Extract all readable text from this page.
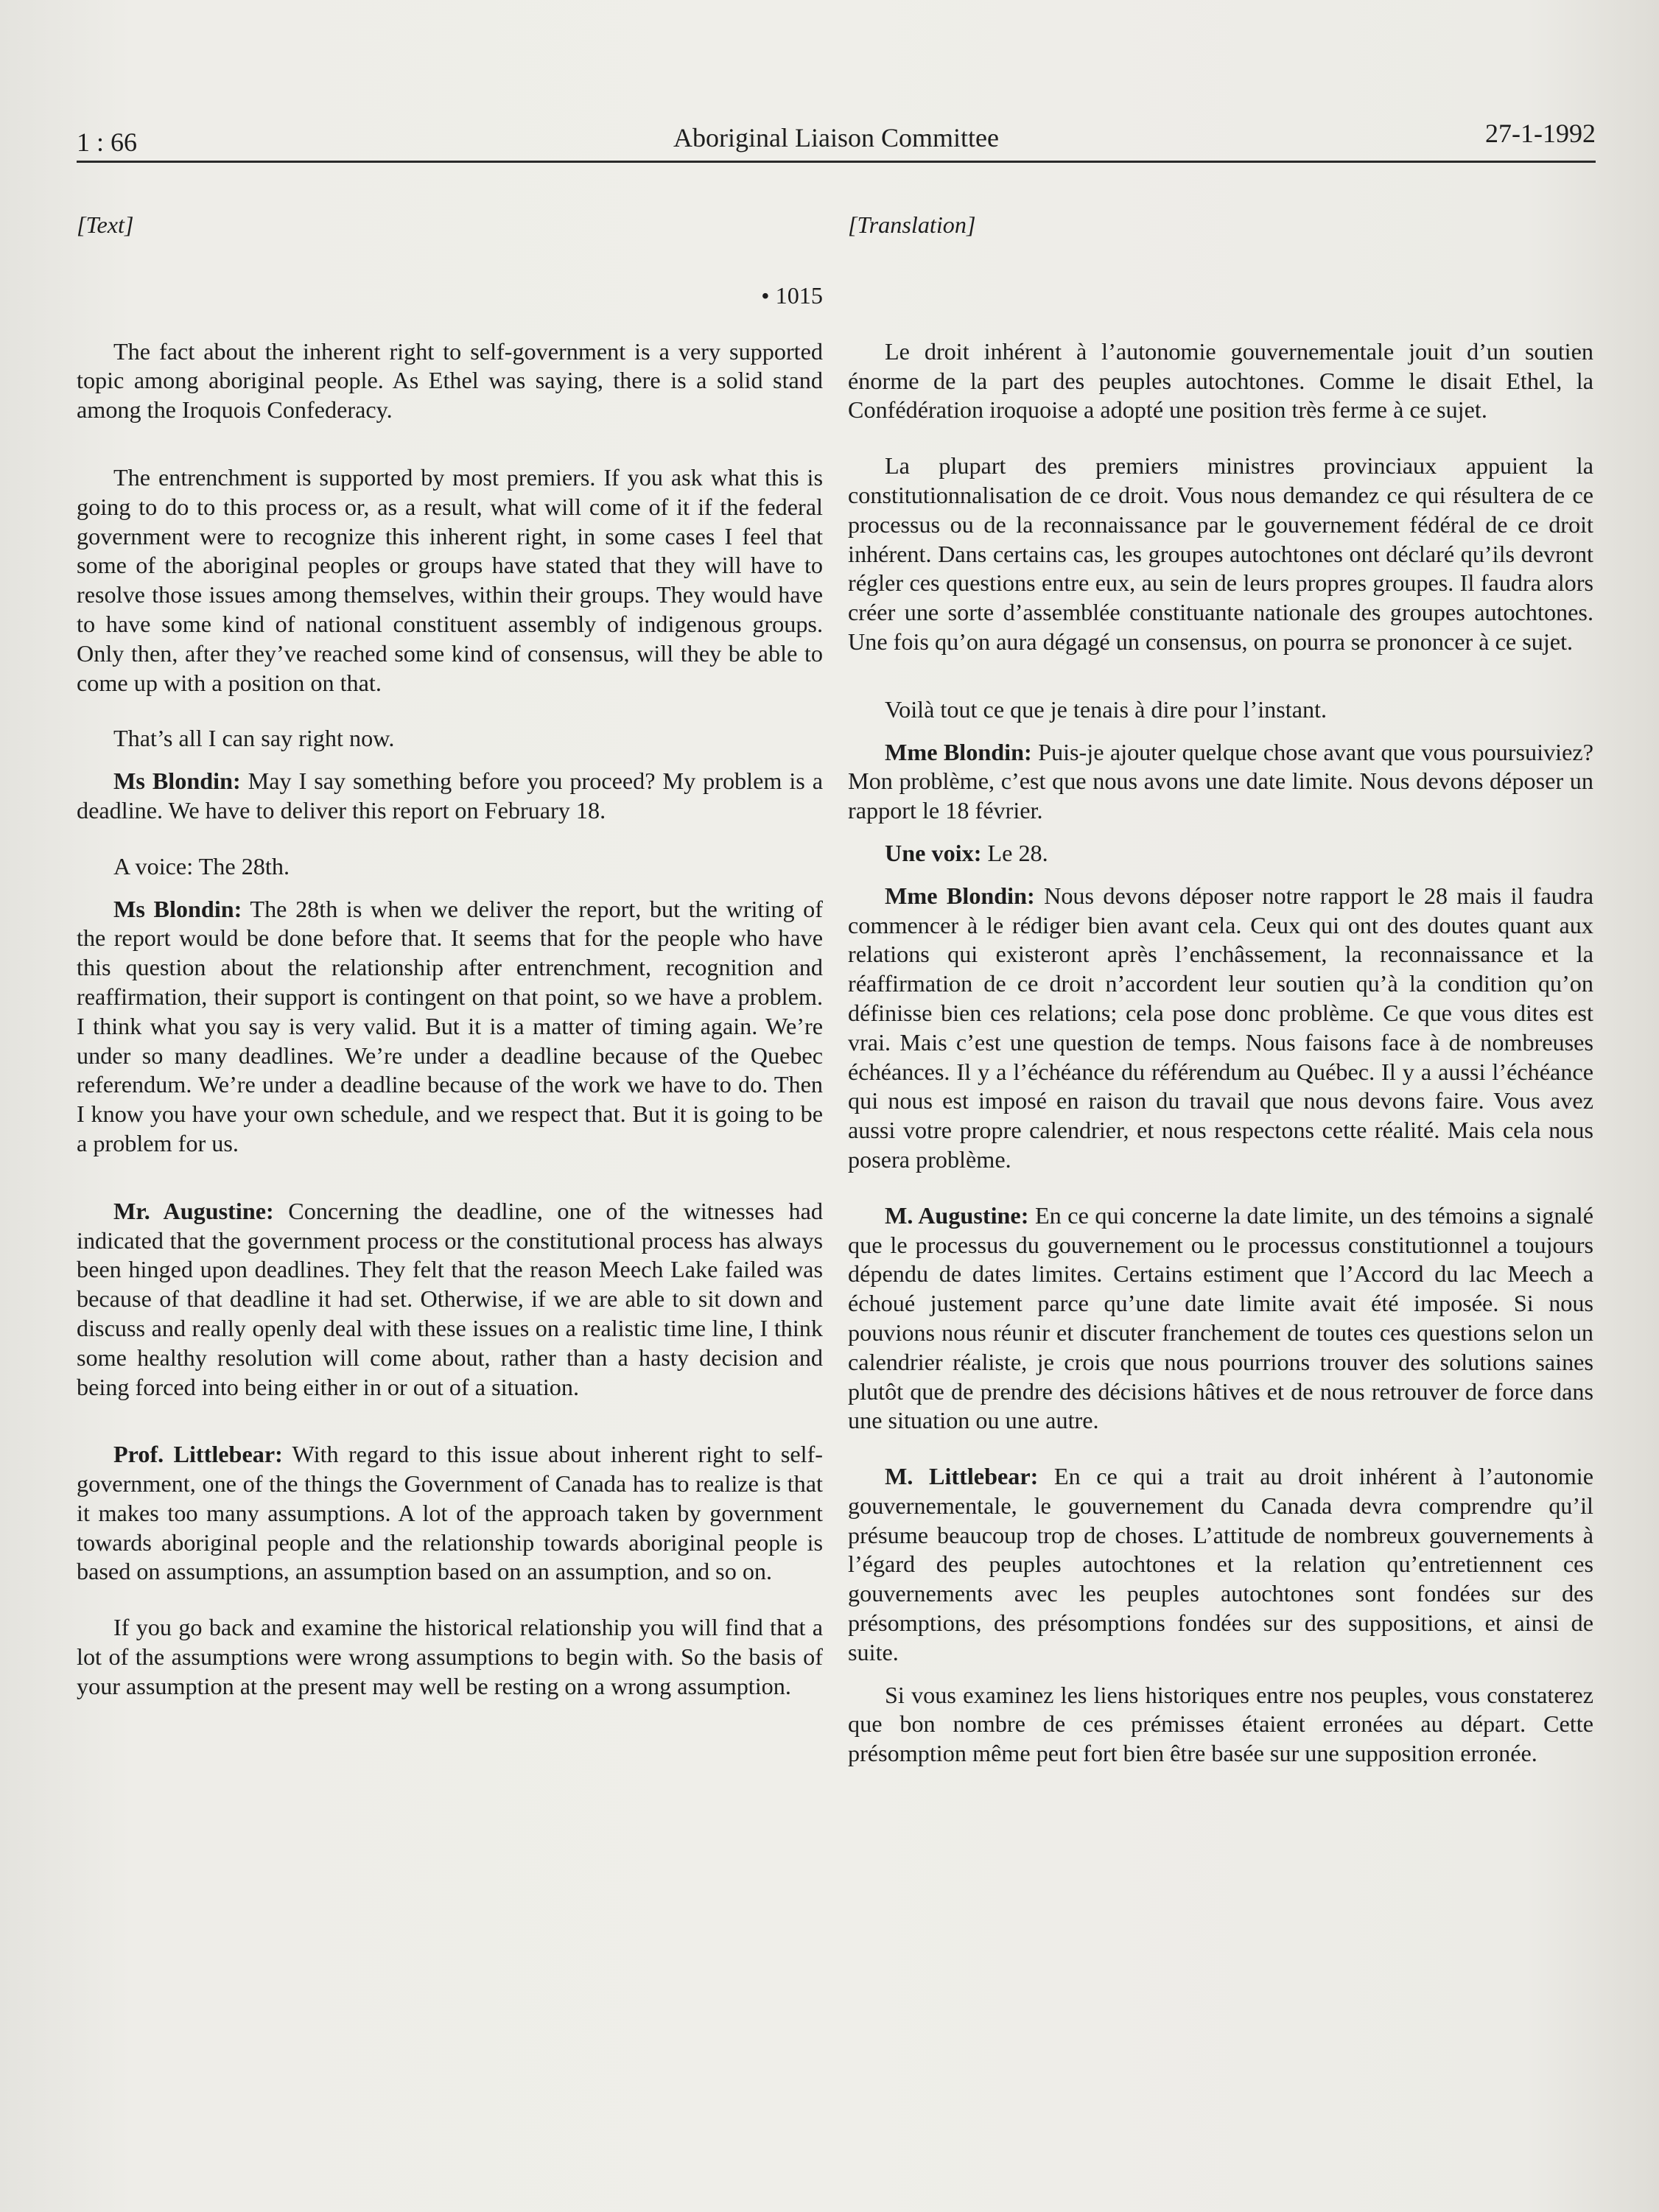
1 : 66	Aboriginal Liaison Committee	27-1-1992
[Text]
• 1015

The fact about the inherent right to self-government is a very supported topic among aboriginal people. As Ethel was saying, there is a solid stand among the Iroquois Confederacy.

The entrenchment is supported by most premiers. If you ask what this is going to do to this process or, as a result, what will come of it if the federal government were to recognize this inherent right, in some cases I feel that some of the aboriginal peoples or groups have stated that they will have to resolve those issues among themselves, within their groups. They would have to have some kind of national constituent assembly of indigenous groups. Only then, after they’ve reached some kind of consensus, will they be able to come up with a position on that.

That’s all I can say right now.

Ms Blondin: May I say something before you proceed? My problem is a deadline. We have to deliver this report on February 18.

A voice: The 28th.

Ms Blondin: The 28th is when we deliver the report, but the writing of the report would be done before that. It seems that for the people who have this question about the relationship after entrenchment, recognition and reaffirmation, their support is contingent on that point, so we have a problem. I think what you say is very valid. But it is a matter of timing again. We’re under so many deadlines. We’re under a deadline because of the Quebec referendum. We’re under a deadline because of the work we have to do. Then I know you have your own schedule, and we respect that. But it is going to be a problem for us.

Mr. Augustine: Concerning the deadline, one of the witnesses had indicated that the government process or the constitutional process has always been hinged upon deadlines. They felt that the reason Meech Lake failed was because of that deadline it had set. Otherwise, if we are able to sit down and discuss and really openly deal with these issues on a realistic time line, I think some healthy resolution will come about, rather than a hasty decision and being forced into being either in or out of a situation.

Prof. Littlebear: With regard to this issue about inherent right to self-government, one of the things the Government of Canada has to realize is that it makes too many assumptions. A lot of the approach taken by government towards aboriginal people and the relationship towards aboriginal people is based on assumptions, an assumption based on an assumption, and so on.

If you go back and examine the historical relationship you will find that a lot of the assumptions were wrong assumptions to begin with. So the basis of your assumption at the present may well be resting on a wrong assumption.

[Translation]

Le droit inhérent à l’autonomie gouvernementale jouit d’un soutien énorme de la part des peuples autochtones. Comme le disait Ethel, la Confédération iroquoise a adopté une position très ferme à ce sujet.

La plupart des premiers ministres provinciaux appuient la constitutionnalisation de ce droit. Vous nous demandez ce qui résultera de ce processus ou de la reconnaissance par le gouvernement fédéral de ce droit inhérent. Dans certains cas, les groupes autochtones ont déclaré qu’ils devront régler ces questions entre eux, au sein de leurs propres groupes. Il faudra alors créer une sorte d’assemblée constituante nationale des groupes autochtones. Une fois qu’on aura dégagé un consensus, on pourra se prononcer à ce sujet.

Voilà tout ce que je tenais à dire pour l’instant.

Mme Blondin: Puis-je ajouter quelque chose avant que vous poursuiviez? Mon problème, c’est que nous avons une date limite. Nous devons déposer un rapport le 18 février.

Une voix: Le 28.

Mme Blondin: Nous devons déposer notre rapport le 28 mais il faudra commencer à le rédiger bien avant cela. Ceux qui ont des doutes quant aux relations qui existeront après l’enchâssement, la reconnaissance et la réaffirmation de ce droit n’accordent leur soutien qu’à la condition qu’on définisse bien ces relations; cela pose donc problème. Ce que vous dites est vrai. Mais c’est une question de temps. Nous faisons face à de nombreuses échéances. Il y a l’échéance du référendum au Québec. Il y a aussi l’échéance qui nous est imposé en raison du travail que nous devons faire. Vous avez aussi votre propre calendrier, et nous respectons cette réalité. Mais cela nous posera problème.

M. Augustine: En ce qui concerne la date limite, un des témoins a signalé que le processus du gouvernement ou le processus constitutionnel a toujours dépendu de dates limites. Certains estiment que l’Accord du lac Meech a échoué justement parce qu’une date limite avait été imposée. Si nous pouvions nous réunir et discuter franchement de toutes ces questions selon un calendrier réaliste, je crois que nous pourrions trouver des solutions saines plutôt que de prendre des décisions hâtives et de nous retrouver de force dans une situation ou une autre.

M. Littlebear: En ce qui a trait au droit inhérent à l’autonomie gouvernementale, le gouvernement du Canada devra comprendre qu’il présume beaucoup trop de choses. L’attitude de nombreux gouvernements à l’égard des peuples autochtones et la relation qu’entretiennent ces gouvernements avec les peuples autochtones sont fondées sur des présomptions, des présomptions fondées sur des suppositions, et ainsi de suite.

Si vous examinez les liens historiques entre nos peuples, vous constaterez que bon nombre de ces prémisses étaient erronées au départ. Cette présomption même peut fort bien être basée sur une supposition erronée.
